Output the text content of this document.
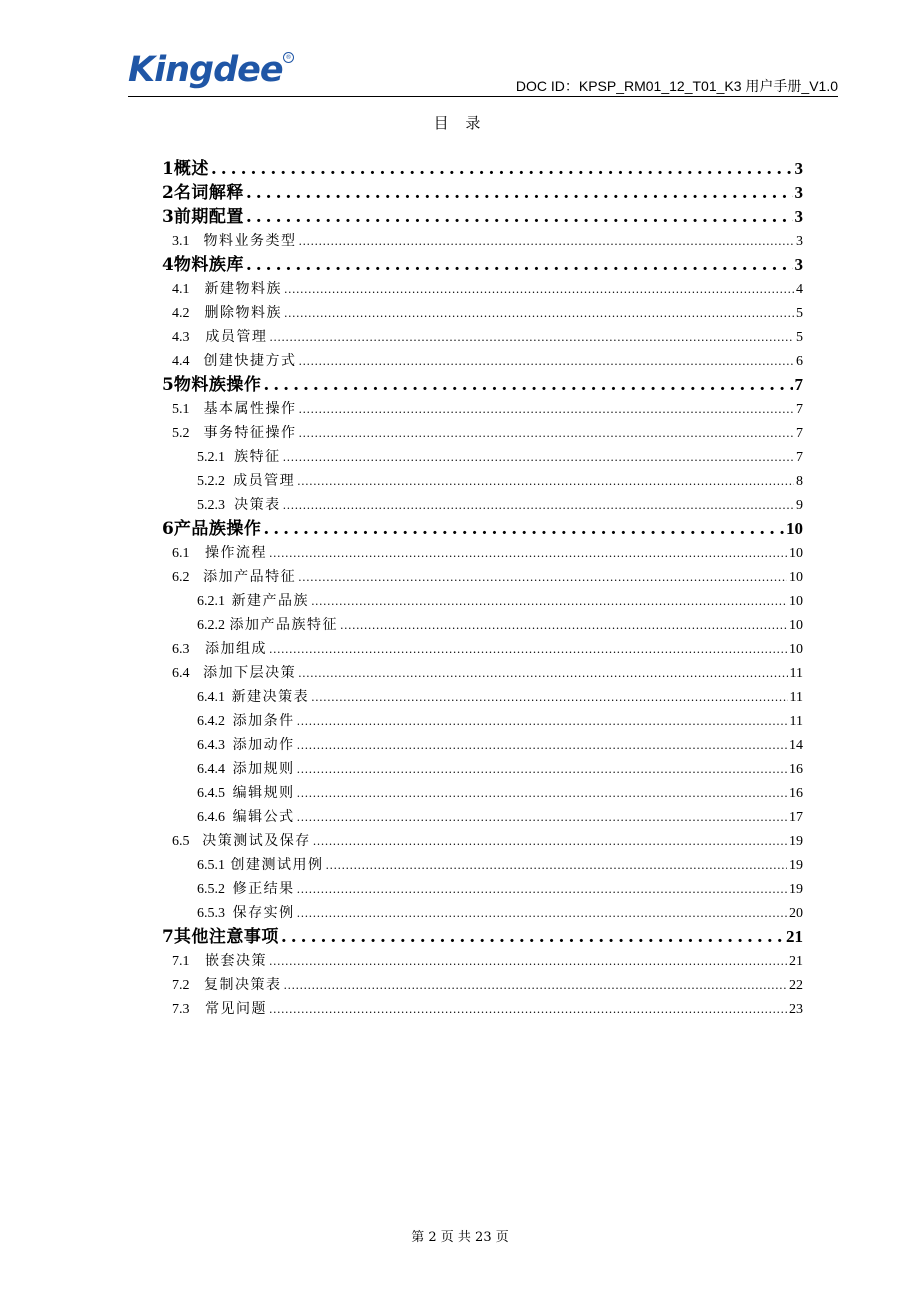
Kingdee ®
DOC ID：KPSP_RM01_12_T01_K3 用户手册_V1.0
目 录
1 概述 .....	3
2 名词解释 .....	3
3 前期配置 .....	3
3.1	物料业务类型 .....	3
4 物料族库 .....	3
4.1	新建物料族 .....	4
4.2	删除物料族 .....	5
4.3	成员管理 .....	5
4.4	创建快捷方式 .....	6
5 物料族操作 .....	7
5.1	基本属性操作 .....	7
5.2	事务特征操作 .....	7
5.2.1 族特征 .....	7
5.2.2 成员管理 .....	8
5.2.3 决策表 .....	9
6 产品族操作 .....	10
6.1	操作流程 .....	10
6.2 添加产品特征 .....	10
6.2.1 新建产品族 .....	10
6.2.2 添加产品族特征 .....	10
6.3	添加组成 .....	10
6.4 添加下层决策 .....	11
6.4.1 新建决策表 .....	11
6.4.2 添加条件 .....	11
6.4.3 添加动作 .....	14
6.4.4 添加规则 .....	16
6.4.5 编辑规则 .....	16
6.4.6 编辑公式 .....	17
6.5 决策测试及保存 .....	19
6.5.1 创建测试用例 .....	19
6.5.2 修正结果 .....	19
6.5.3 保存实例 .....	20
7 其他注意事项 .....	21
7.1	嵌套决策 .....	21
7.2	复制决策表 .....	22
7.3	常见问题 .....	23
第 2 页 共 23 页
